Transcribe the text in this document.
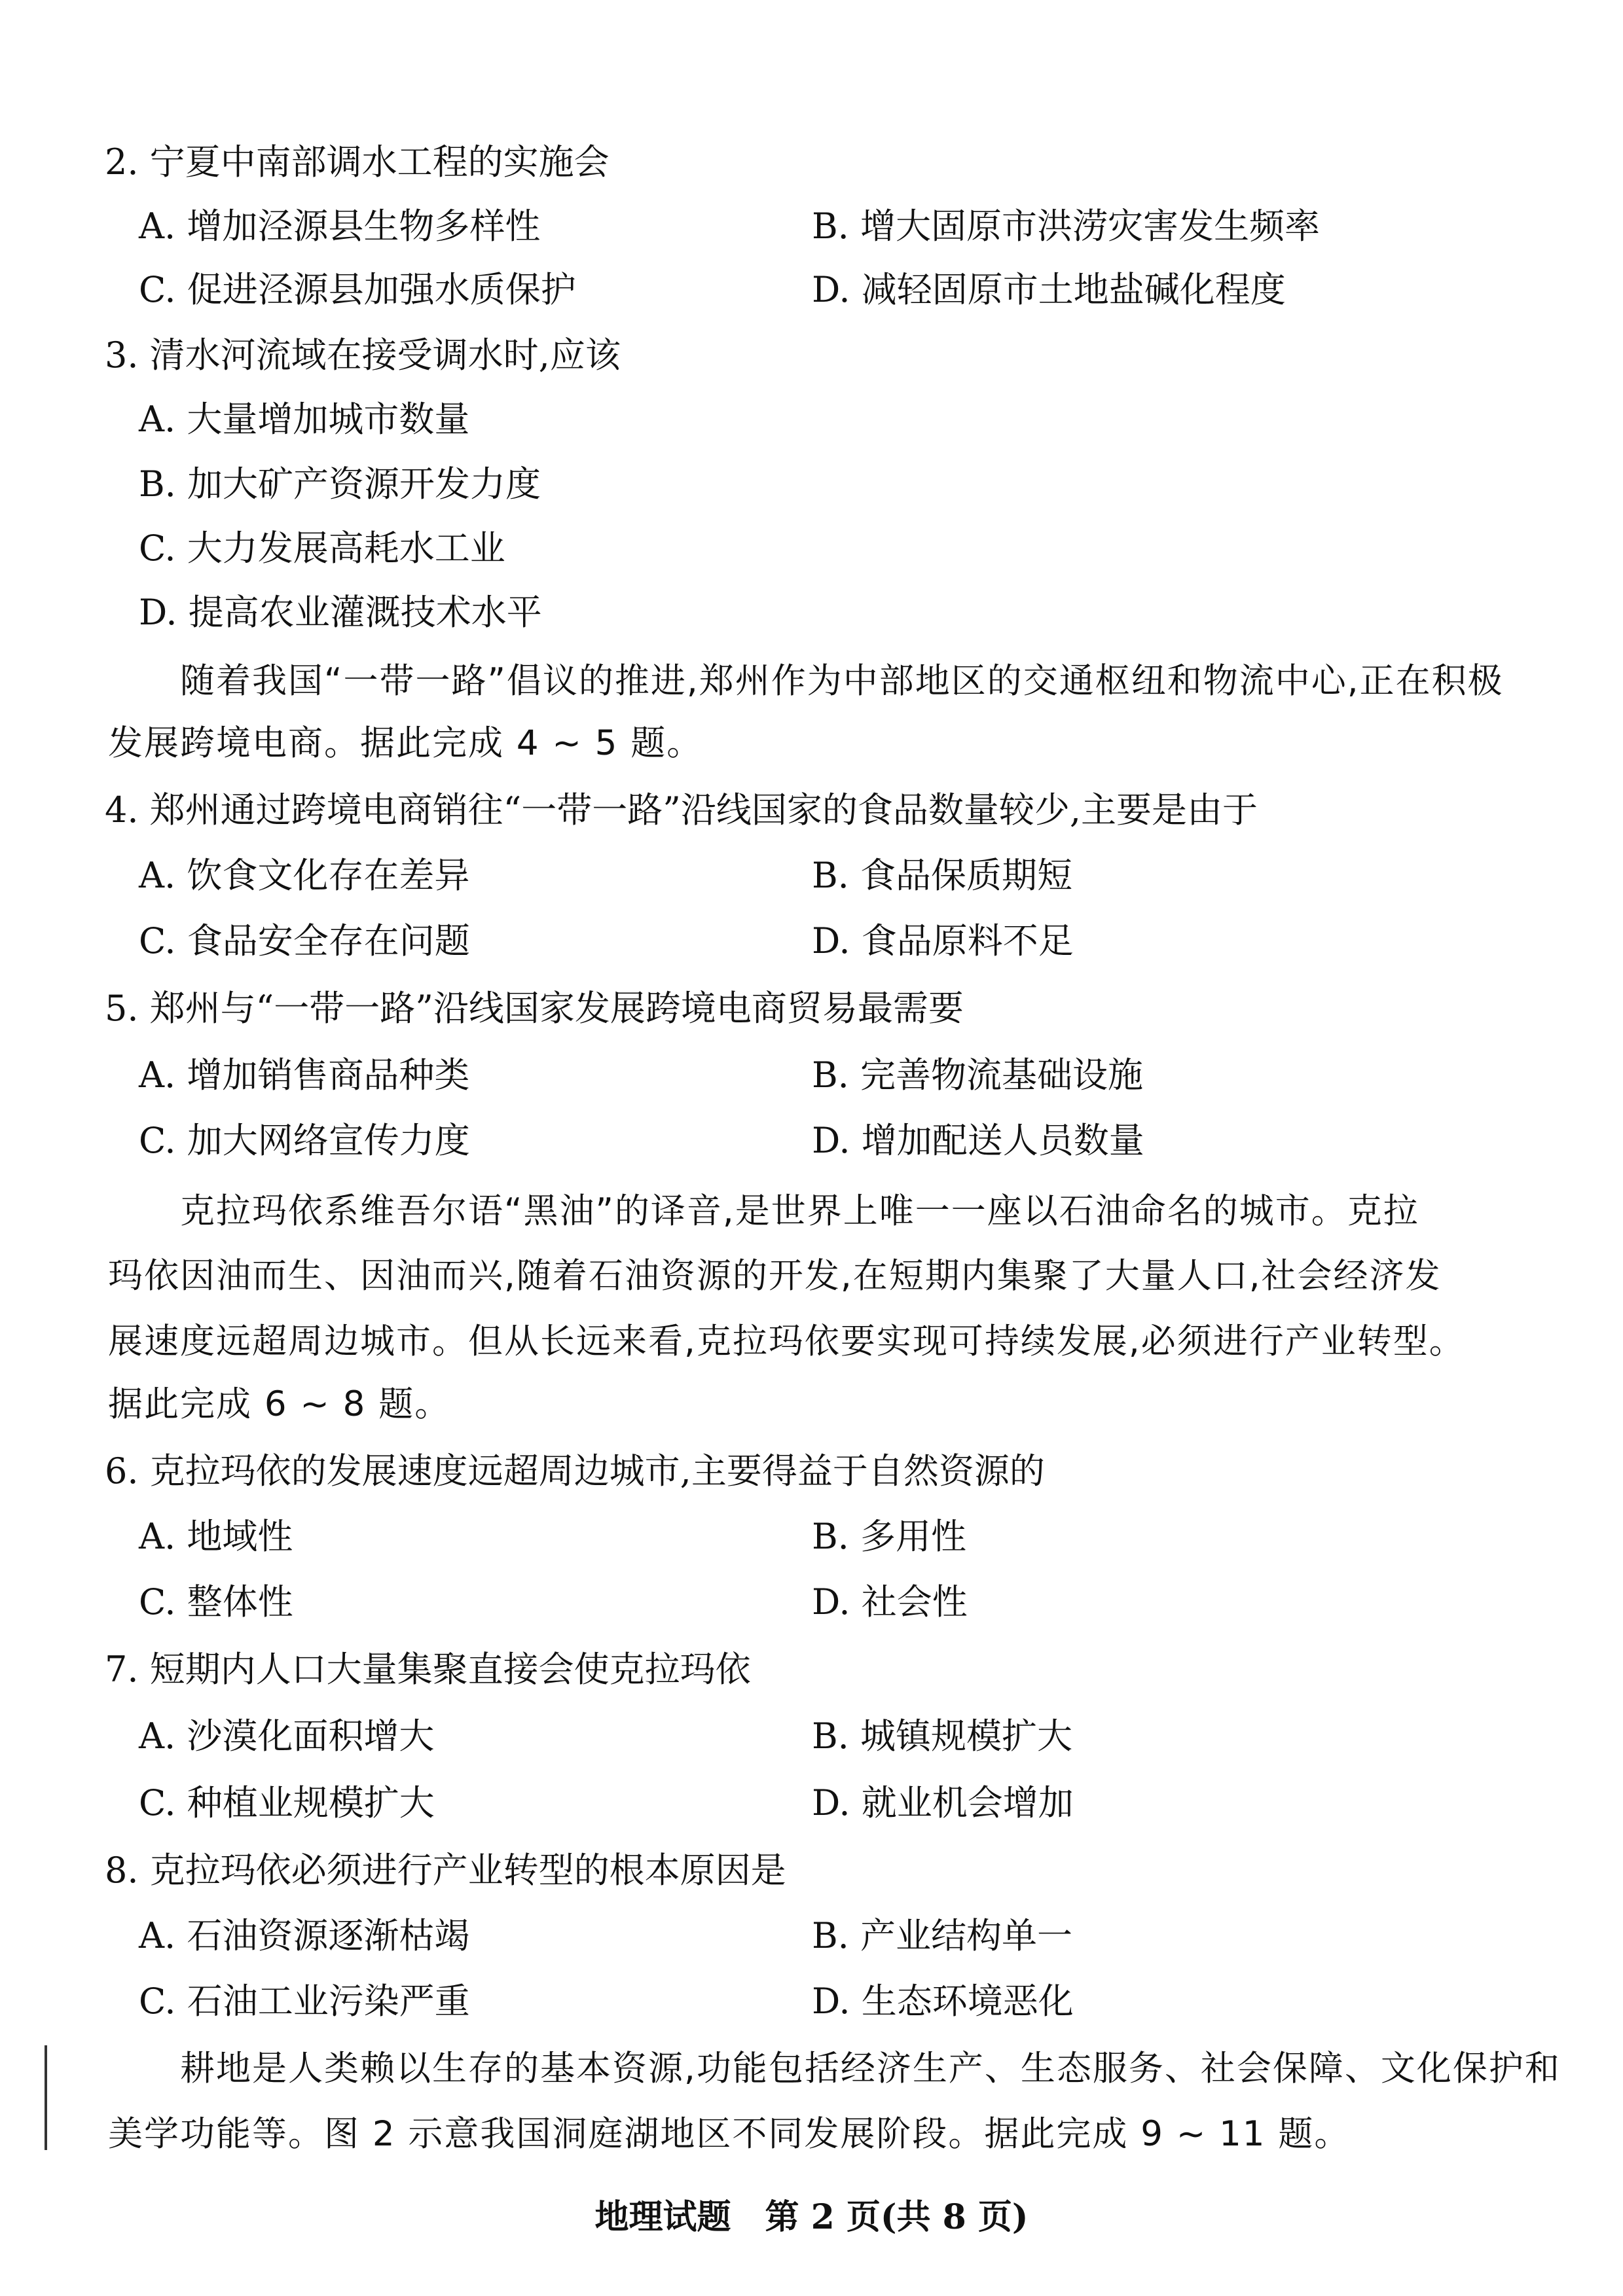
2. 宁夏中南部调水工程的实施会
A. 增加泾源县生物多样性	B. 增大固原市洪涝灾害发生频率
C. 促进泾源县加强水质保护	D. 减轻固原市土地盐碱化程度
3. 清水河流域在接受调水时,应该
A. 大量增加城市数量
B. 加大矿产资源开发力度
C. 大力发展高耗水工业
D. 提高农业灌溉技术水平
随着我国“一带一路”倡议的推进,郑州作为中部地区的交通枢纽和物流中心,正在积极
发展跨境电商。据此完成 4 ~ 5 题。
4. 郑州通过跨境电商销往“一带一路”沿线国家的食品数量较少,主要是由于
A. 饮食文化存在差异	B. 食品保质期短
C. 食品安全存在问题	D. 食品原料不足
5. 郑州与“一带一路”沿线国家发展跨境电商贸易最需要
A. 增加销售商品种类	B. 完善物流基础设施
C. 加大网络宣传力度	D. 增加配送人员数量
克拉玛依系维吾尔语“黑油”的译音,是世界上唯一一座以石油命名的城市。克拉
玛依因油而生、因油而兴,随着石油资源的开发,在短期内集聚了大量人口,社会经济发
展速度远超周边城市。但从长远来看,克拉玛依要实现可持续发展,必须进行产业转型。
据此完成 6 ~ 8 题。
6. 克拉玛依的发展速度远超周边城市,主要得益于自然资源的
A. 地域性	B. 多用性
C. 整体性	D. 社会性
7. 短期内人口大量集聚直接会使克拉玛依
A. 沙漠化面积增大	B. 城镇规模扩大
C. 种植业规模扩大	D. 就业机会增加
8. 克拉玛依必须进行产业转型的根本原因是
A. 石油资源逐渐枯竭	B. 产业结构单一
C. 石油工业污染严重	D. 生态环境恶化
耕地是人类赖以生存的基本资源,功能包括经济生产、生态服务、社会保障、文化保护和
美学功能等。图 2 示意我国洞庭湖地区不同发展阶段。据此完成 9 ~ 11 题。
地理试题　第 2 页(共 8 页)
